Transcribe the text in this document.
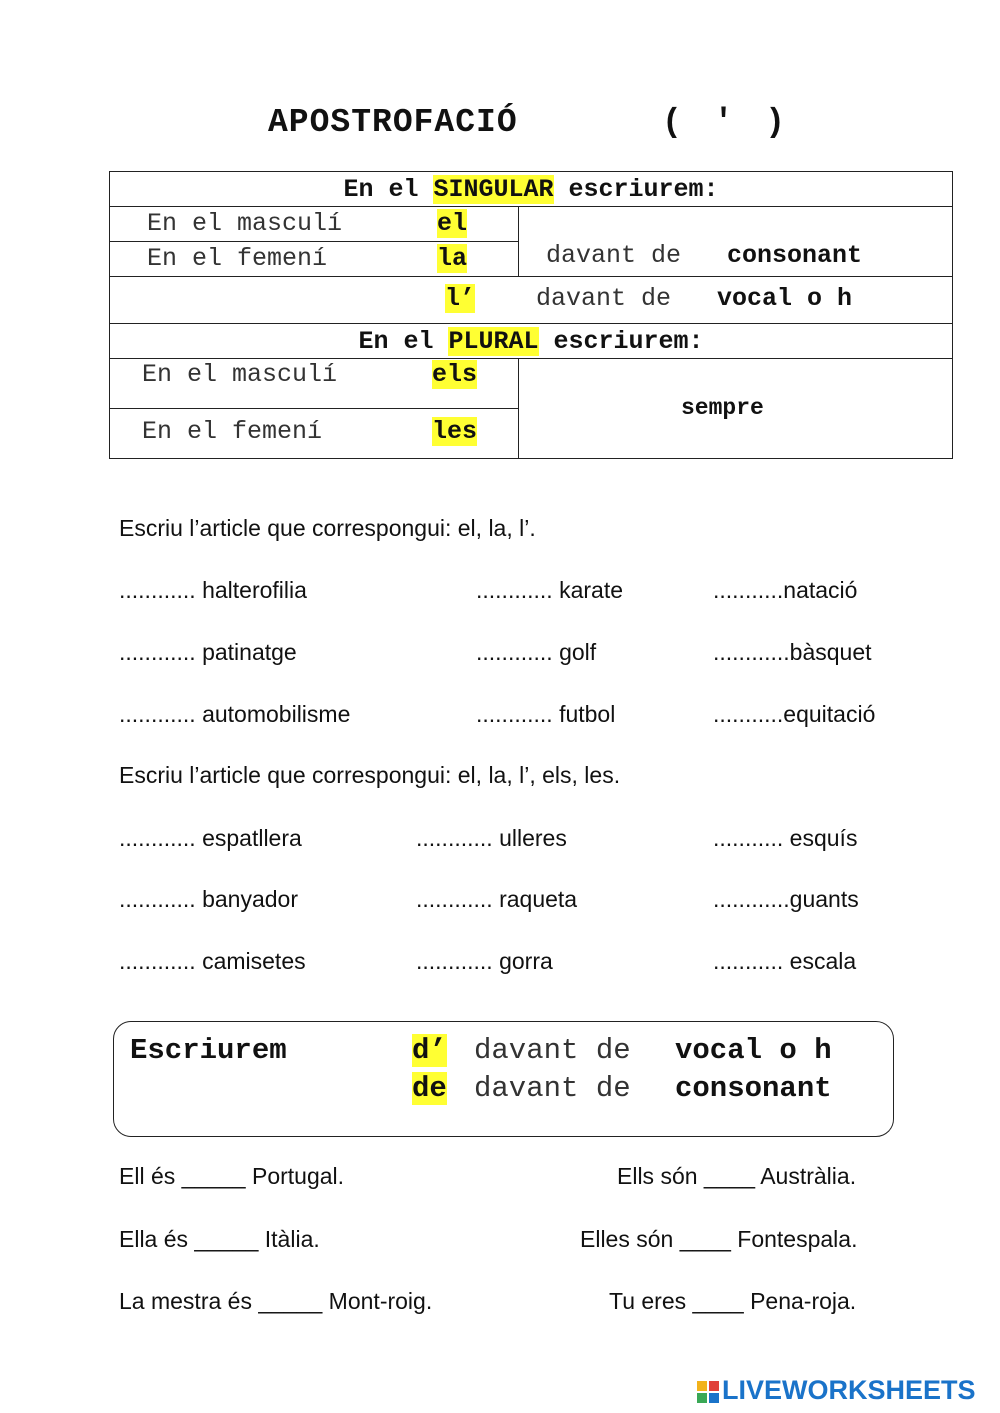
APOSTROFACIÓ	( ' )
En el SINGULAR escriurem:	

En el masculí el	davant de consonant

En el femení la	

l’ davant de vocal o h	

En el PLURAL escriurem:	

En el masculí els	sempre

En el femení les	
Escriu l’article que correspongui: el, la, l’.
............ halterofilia	............ karate	...........natació
............ patinatge	............ golf	............bàsquet
............ automobilisme	............ futbol	...........equitació
Escriu l’article que correspongui: el, la, l’, els, les.
............ espatllera	............ ulleres	........... esquís
............ banyador	............ raqueta	............guants
............ camisetes	............ gorra	........... escala
Escriurem	d’ davant de vocal o h
de davant de consonant
Ell és _____ Portugal.	Ells són ____ Austràlia.
Ella és _____ Itàlia.	Elles són ____ Fontespala.
La mestra és _____ Mont-roig.	Tu eres ____ Pena-roja.
LIVEWORKSHEETS
